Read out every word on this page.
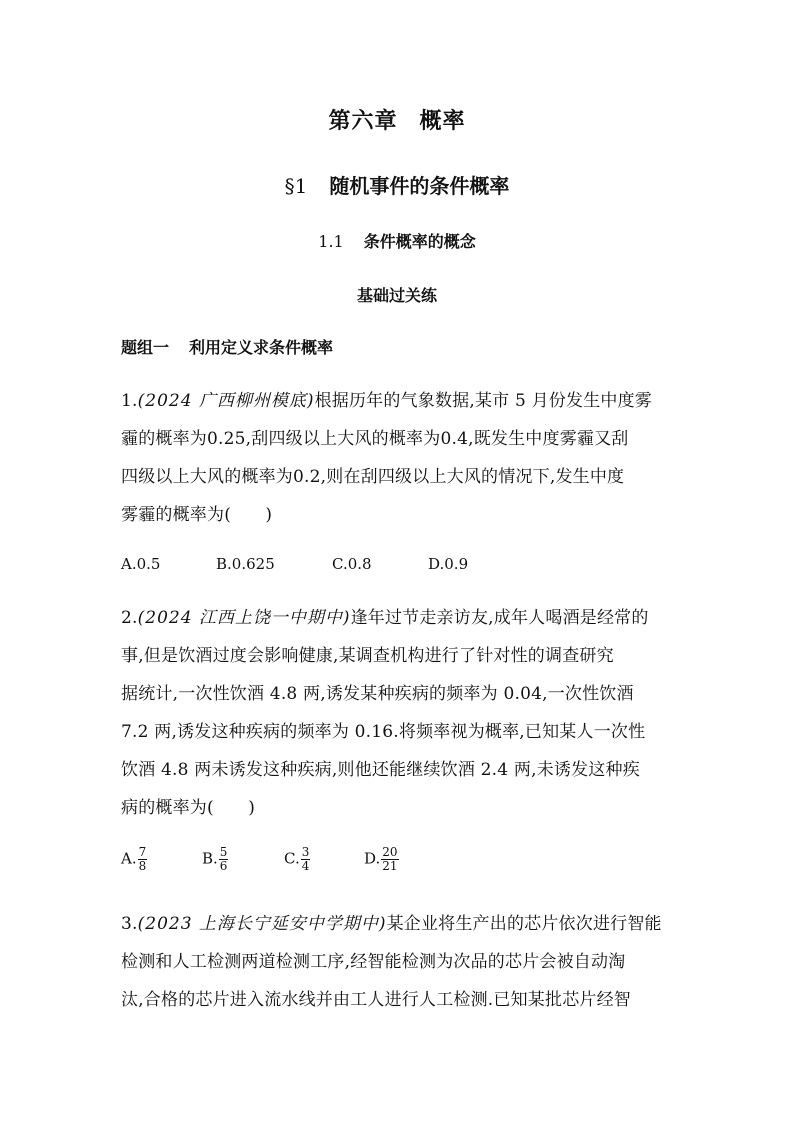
第六章 概率
§1 随机事件的条件概率
1.1 条件概率的概念
基础过关练
题组一 利用定义求条件概率
1.(2024 广西柳州模底)根据历年的气象数据,某市 5 月份发生中度雾
霾的概率为0.25,刮四级以上大风的概率为0.4,既发生中度雾霾又刮
四级以上大风的概率为0.2,则在刮四级以上大风的情况下,发生中度
雾霾的概率为(　　)
A.0.5	B.0.625	C.0.8	D.0.9
2.(2024 江西上饶一中期中)逢年过节走亲访友,成年人喝酒是经常的
事,但是饮酒过度会影响健康,某调查机构进行了针对性的调查研究
据统计,一次性饮酒 4.8 两,诱发某种疾病的频率为 0.04,一次性饮酒
7.2 两,诱发这种疾病的频率为 0.16.将频率视为概率,已知某人一次性
饮酒 4.8 两未诱发这种疾病,则他还能继续饮酒 2.4 两,未诱发这种疾
病的概率为(　　)
A. $\frac{7}{8}$	B. $\frac{5}{6}$	C. $\frac{3}{4}$	D. $\frac{20}{21}$
3.(2023 上海长宁延安中学期中)某企业将生产出的芯片依次进行智能
检测和人工检测两道检测工序,经智能检测为次品的芯片会被自动淘
汰,合格的芯片进入流水线并由工人进行人工检测.已知某批芯片经智
